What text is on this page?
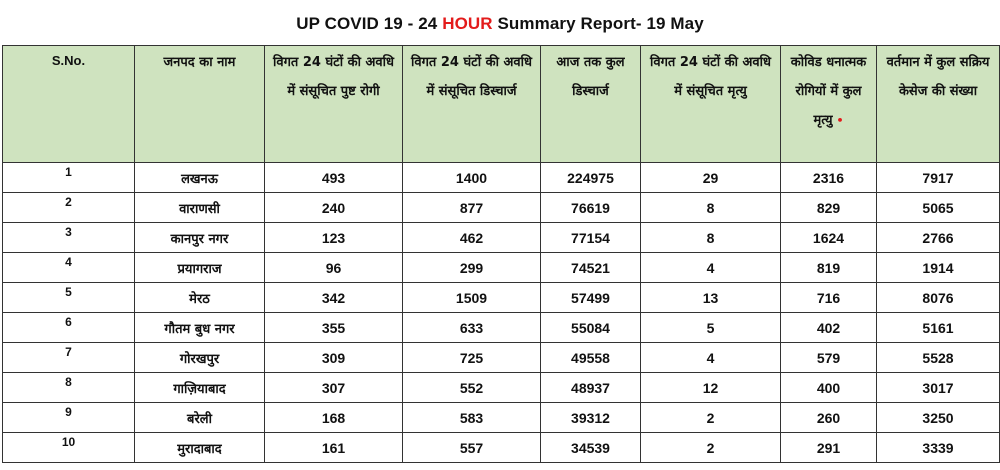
UP COVID 19 - 24 HOUR Summary Report- 19 May
S.No.	जनपद का नाम	विगत 24 घंटों की अवधि में संसूचित पुष्ट रोगी	विगत 24 घंटों की अवधि में संसूचित डिस्चार्ज	आज तक कुल डिस्चार्ज	विगत 24 घंटों की अवधि में संसूचित मृत्यु	कोविड धनात्मक रोगियों में कुल मृत्यु •	वर्तमान में कुल सक्रिय केसेज की संख्या
1	लखनऊ	493	1400	224975	29	2316	7917
2	वाराणसी	240	877	76619	8	829	5065
3	कानपुर नगर	123	462	77154	8	1624	2766
4	प्रयागराज	96	299	74521	4	819	1914
5	मेरठ	342	1509	57499	13	716	8076
6	गौतम बुध नगर	355	633	55084	5	402	5161
7	गोरखपुर	309	725	49558	4	579	5528
8	गाज़ियाबाद	307	552	48937	12	400	3017
9	बरेली	168	583	39312	2	260	3250
10	मुरादाबाद	161	557	34539	2	291	3339
